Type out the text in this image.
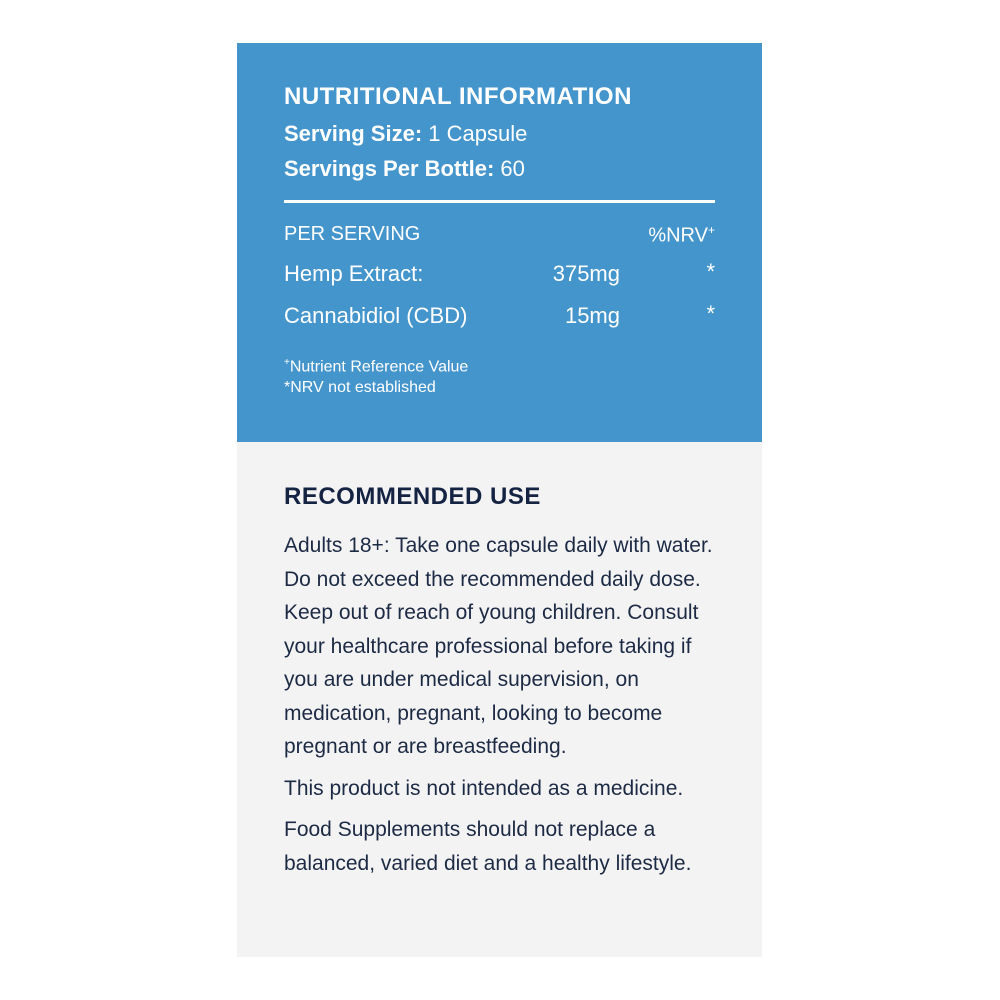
NUTRITIONAL INFORMATION
Serving Size: 1 Capsule
Servings Per Bottle: 60
PER SERVING	%NRV+
Hemp Extract:	375mg	*
Cannabidiol (CBD)	15mg	*
+Nutrient Reference Value
*NRV not established
RECOMMENDED USE

Adults 18+: Take one capsule daily with water. Do not exceed the recommended daily dose. Keep out of reach of young children. Consult your healthcare professional before taking if you are under medical supervision, on medication, pregnant, looking to become pregnant or are breastfeeding.

This product is not intended as a medicine.

Food Supplements should not replace a balanced, varied diet and a healthy lifestyle.
